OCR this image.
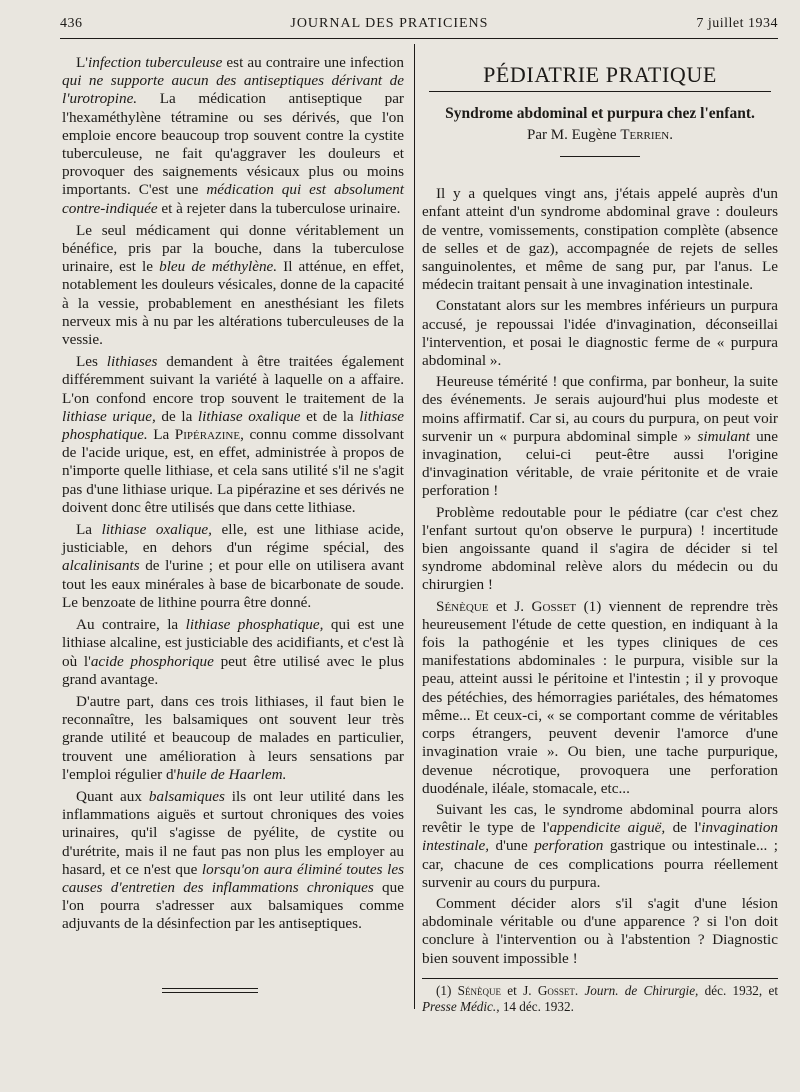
436	JOURNAL DES PRATICIENS	7 juillet 1934

L'infection tuberculeuse est au contraire une infection qui ne supporte aucun des antiseptiques dérivant de l'urotropine. La médication antiseptique par l'hexaméthylène tétramine ou ses dérivés, que l'on emploie encore beaucoup trop souvent contre la cystite tuberculeuse, ne fait qu'aggraver les douleurs et provoquer des saignements vésicaux plus ou moins importants. C'est une médication qui est absolument contre-indiquée et à rejeter dans la tuberculose urinaire.

Le seul médicament qui donne véritablement un bénéfice, pris par la bouche, dans la tuberculose urinaire, est le bleu de méthylène. Il atténue, en effet, notablement les douleurs vésicales, donne de la capacité à la vessie, probablement en anesthésiant les filets nerveux mis à nu par les altérations tuberculeuses de la vessie.

Les lithiases demandent à être traitées également différemment suivant la variété à laquelle on a affaire. L'on confond encore trop souvent le traitement de la lithiase urique, de la lithiase oxalique et de la lithiase phosphatique. La Pipérazine, connu comme dissolvant de l'acide urique, est, en effet, administrée à propos de n'importe quelle lithiase, et cela sans utilité s'il ne s'agit pas d'une lithiase urique. La pipérazine et ses dérivés ne doivent donc être utilisés que dans cette lithiase.

La lithiase oxalique, elle, est une lithiase acide, justiciable, en dehors d'un régime spécial, des alcalinisants de l'urine ; et pour elle on utilisera avant tout les eaux minérales à base de bicarbonate de soude. Le benzoate de lithine pourra être donné.

Au contraire, la lithiase phosphatique, qui est une lithiase alcaline, est justiciable des acidifiants, et c'est là où l'acide phosphorique peut être utilisé avec le plus grand avantage.

D'autre part, dans ces trois lithiases, il faut bien le reconnaître, les balsamiques ont souvent leur très grande utilité et beaucoup de malades en particulier, trouvent une amélioration à leurs sensations par l'emploi régulier d'huile de Haarlem.

Quant aux balsamiques ils ont leur utilité dans les inflammations aiguës et surtout chroniques des voies urinaires, qu'il s'agisse de pyélite, de cystite ou d'urétrite, mais il ne faut pas non plus les employer au hasard, et ce n'est que lorsqu'on aura éliminé toutes les causes d'entretien des inflammations chroniques que l'on pourra s'adresser aux balsamiques comme adjuvants de la désinfection par les antiseptiques.

PÉDIATRIE PRATIQUE

Syndrome abdominal et purpura chez l'enfant.

Par M. Eugène Terrien.

Il y a quelques vingt ans, j'étais appelé auprès d'un enfant atteint d'un syndrome abdominal grave : douleurs de ventre, vomissements, constipation complète (absence de selles et de gaz), accompagnée de rejets de selles sanguinolentes, et même de sang pur, par l'anus. Le médecin traitant pensait à une invagination intestinale.

Constatant alors sur les membres inférieurs un purpura accusé, je repoussai l'idée d'invagination, déconseillai l'intervention, et posai le diagnostic ferme de « purpura abdominal ».

Heureuse témérité ! que confirma, par bonheur, la suite des événements. Je serais aujourd'hui plus modeste et moins affirmatif. Car si, au cours du purpura, on peut voir survenir un « purpura abdominal simple » simulant une invagination, celui-ci peut-être aussi l'origine d'invagination véritable, de vraie péritonite et de vraie perforation !

Problème redoutable pour le pédiatre (car c'est chez l'enfant surtout qu'on observe le purpura) ! incertitude bien angoissante quand il s'agira de décider si tel syndrome abdominal relève alors du médecin ou du chirurgien !

Sénèque et J. Gosset (1) viennent de reprendre très heureusement l'étude de cette question, en indiquant à la fois la pathogénie et les types cliniques de ces manifestations abdominales : le purpura, visible sur la peau, atteint aussi le péritoine et l'intestin ; il y provoque des pétéchies, des hémorragies pariétales, des hématomes même... Et ceux-ci, « se comportant comme de véritables corps étrangers, peuvent devenir l'amorce d'une invagination vraie ». Ou bien, une tache purpurique, devenue nécrotique, provoquera une perforation duodénale, iléale, stomacale, etc...

Suivant les cas, le syndrome abdominal pourra alors revêtir le type de l'appendicite aiguë, de l'invagination intestinale, d'une perforation gastrique ou intestinale... ; car, chacune de ces complications pourra réellement survenir au cours du purpura.

Comment décider alors s'il s'agit d'une lésion abdominale véritable ou d'une apparence ? si l'on doit conclure à l'intervention ou à l'abstention ? Diagnostic bien souvent impossible !

(1) Sénèque et J. Gosset. Journ. de Chirurgie, déc. 1932, et Presse Médic., 14 déc. 1932.
